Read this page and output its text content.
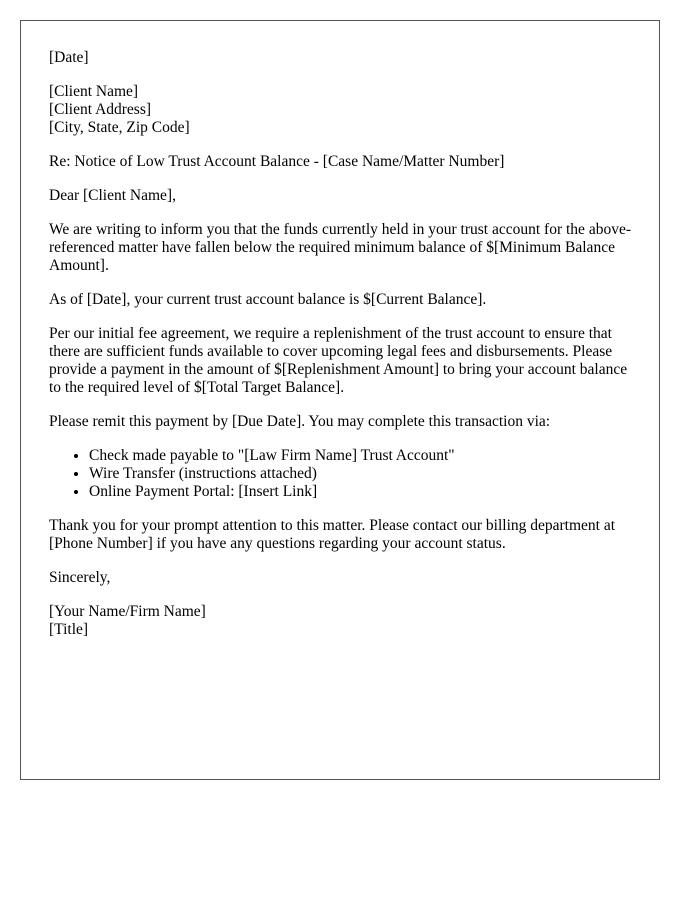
[Date]

[Client Name]
[Client Address]
[City, State, Zip Code]

Re: Notice of Low Trust Account Balance - [Case Name/Matter Number]

Dear [Client Name],

We are writing to inform you that the funds currently held in your trust account for the above-referenced matter have fallen below the required minimum balance of $[Minimum Balance Amount].

As of [Date], your current trust account balance is $[Current Balance].

Per our initial fee agreement, we require a replenishment of the trust account to ensure that there are sufficient funds available to cover upcoming legal fees and disbursements. Please provide a payment in the amount of $[Replenishment Amount] to bring your account balance to the required level of $[Total Target Balance].

Please remit this payment by [Due Date]. You may complete this transaction via:

• Check made payable to "[Law Firm Name] Trust Account"
• Wire Transfer (instructions attached)
• Online Payment Portal: [Insert Link]

Thank you for your prompt attention to this matter. Please contact our billing department at [Phone Number] if you have any questions regarding your account status.

Sincerely,

[Your Name/Firm Name]
[Title]
